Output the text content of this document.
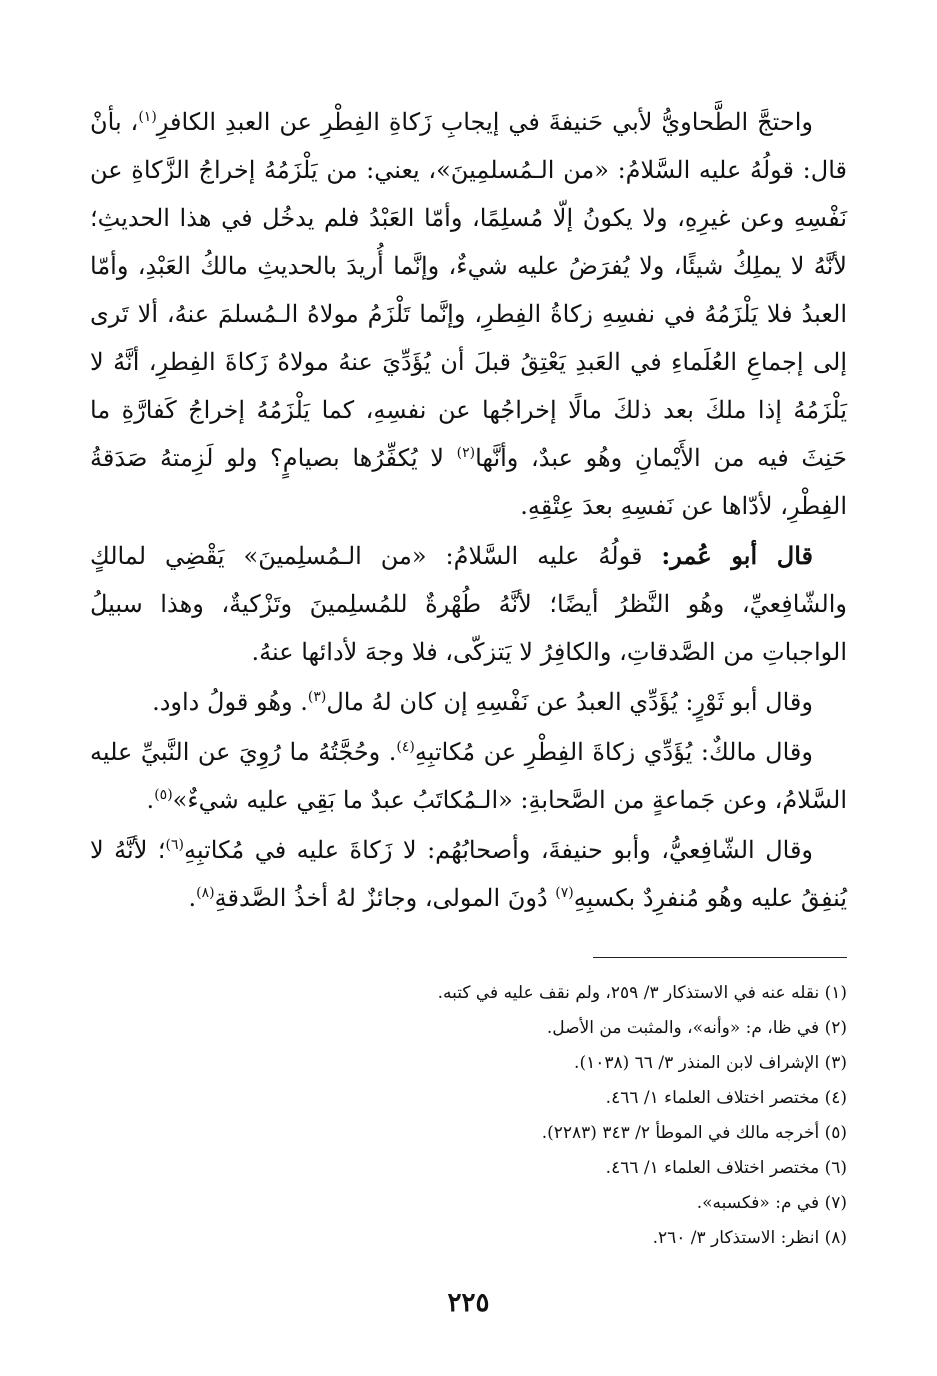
واحتجَّ الطَّحاويُّ لأبي حَنيفةَ في إيجابِ زَكاةِ الفِطْرِ عن العبدِ الكافرِ$^{(١)}$، بأنْ قال: قولُهُ عليه السَّلامُ: «من الـمُسلمِينَ»، يعني: من يَلْزَمُهُ إخراجُ الزَّكاةِ عن نَفْسِهِ وعن غيرِهِ، ولا يكونُ إلّا مُسلِمًا، وأمّا العَبْدُ فلم يدخُل في هذا الحديثِ؛ لأنَّهُ لا يملِكُ شيئًا، ولا يُفرَضُ عليه شيءٌ، وإنَّما أُريدَ بالحديثِ مالكُ العَبْدِ، وأمّا العبدُ فلا يَلْزَمُهُ في نفسِهِ زكاةُ الفِطرِ، وإنَّما تَلْزَمُ مولاهُ الـمُسلمَ عنهُ، ألا تَرى إلى إجماعِ العُلَماءِ في العَبدِ يَعْتِقُ قبلَ أن يُؤَدِّيَ عنهُ مولاهُ زَكاةَ الفِطرِ، أنَّهُ لا يَلْزَمُهُ إذا ملكَ بعد ذلكَ مالًا إخراجُها عن نفسِهِ، كما يَلْزَمُهُ إخراجُ كَفارَّةِ ما حَنِثَ فيه من الأَيْمانِ وهُو عبدٌ، وأنَّها$^{(٢)}$ لا يُكفِّرُها بصيامٍ؟ ولو لَزِمتهُ صَدَقةُ الفِطْرِ، لأدّاها عن نَفسِهِ بعدَ عِتْقِهِ.

قال أبو عُمر: قولُهُ عليه السَّلامُ: «من الـمُسلِمينَ» يَقْضِي لمالكٍ والشّافِعيِّ، وهُو النَّظرُ أيضًا؛ لأنَّهُ طُهْرةٌ للمُسلِمينَ وتَزْكيةٌ، وهذا سبيلُ الواجباتِ من الصَّدقاتِ، والكافِرُ لا يَتزكّى، فلا وجهَ لأدائها عنهُ.

وقال أبو ثَوْرٍ: يُؤَدِّي العبدُ عن نَفْسِهِ إن كان لهُ مال$^{(٣)}$. وهُو قولُ داود.

وقال مالكٌ: يُؤَدِّي زكاةَ الفِطْرِ عن مُكاتبِهِ$^{(٤)}$. وحُجَّتُهُ ما رُوِيَ عن النَّبيِّ عليه السَّلامُ، وعن جَماعةٍ من الصَّحابةِ: «الـمُكاتَبُ عبدٌ ما بَقِي عليه شيءٌ»$^{(٥)}$.

وقال الشّافِعيُّ، وأبو حنيفةَ، وأصحابُهُم: لا زَكاةَ عليه في مُكاتبِهِ$^{(٦)}$؛ لأنَّهُ لا يُنفِقُ عليه وهُو مُنفرِدٌ بكسبِهِ$^{(٧)}$ دُونَ المولى، وجائزٌ لهُ أخذُ الصَّدقةِ$^{(٨)}$.

(١) نقله عنه في الاستذكار ٣/ ٢٥٩، ولم نقف عليه في كتبه.

(٢) في ظا، م: «وأنه»، والمثبت من الأصل.

(٣) الإشراف لابن المنذر ٣/ ٦٦ (١٠٣٨).

(٤) مختصر اختلاف العلماء ١/ ٤٦٦.

(٥) أخرجه مالك في الموطأ ٢/ ٣٤٣ (٢٢٨٣).

(٦) مختصر اختلاف العلماء ١/ ٤٦٦.

(٧) في م: «فكسبه».

(٨) انظر: الاستذكار ٣/ ٢٦٠.

٢٢٥
